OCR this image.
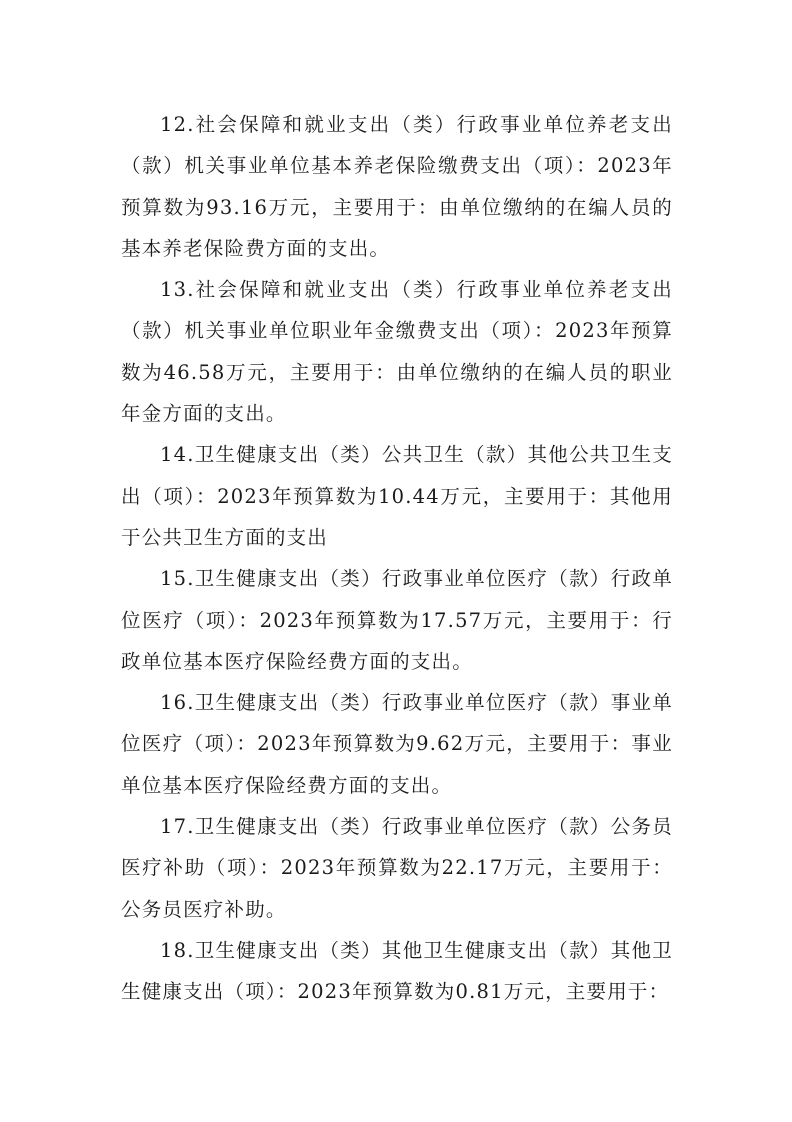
12.社会保障和就业支出（类）行政事业单位养老支出（款）机关事业单位基本养老保险缴费支出（项）：2023年预算数为93.16万元，主要用于：由单位缴纳的在编人员的基本养老保险费方面的支出。

13.社会保障和就业支出（类）行政事业单位养老支出（款）机关事业单位职业年金缴费支出（项）：2023年预算数为46.58万元，主要用于：由单位缴纳的在编人员的职业年金方面的支出。

14.卫生健康支出（类）公共卫生（款）其他公共卫生支出（项）：2023年预算数为10.44万元，主要用于：其他用于公共卫生方面的支出

15.卫生健康支出（类）行政事业单位医疗（款）行政单位医疗（项）：2023年预算数为17.57万元，主要用于：行政单位基本医疗保险经费方面的支出。

16.卫生健康支出（类）行政事业单位医疗（款）事业单位医疗（项）：2023年预算数为9.62万元，主要用于：事业单位基本医疗保险经费方面的支出。

17.卫生健康支出（类）行政事业单位医疗（款）公务员医疗补助（项）：2023年预算数为22.17万元，主要用于：公务员医疗补助。

18.卫生健康支出（类）其他卫生健康支出（款）其他卫生健康支出（项）：2023年预算数为0.81万元，主要用于：
